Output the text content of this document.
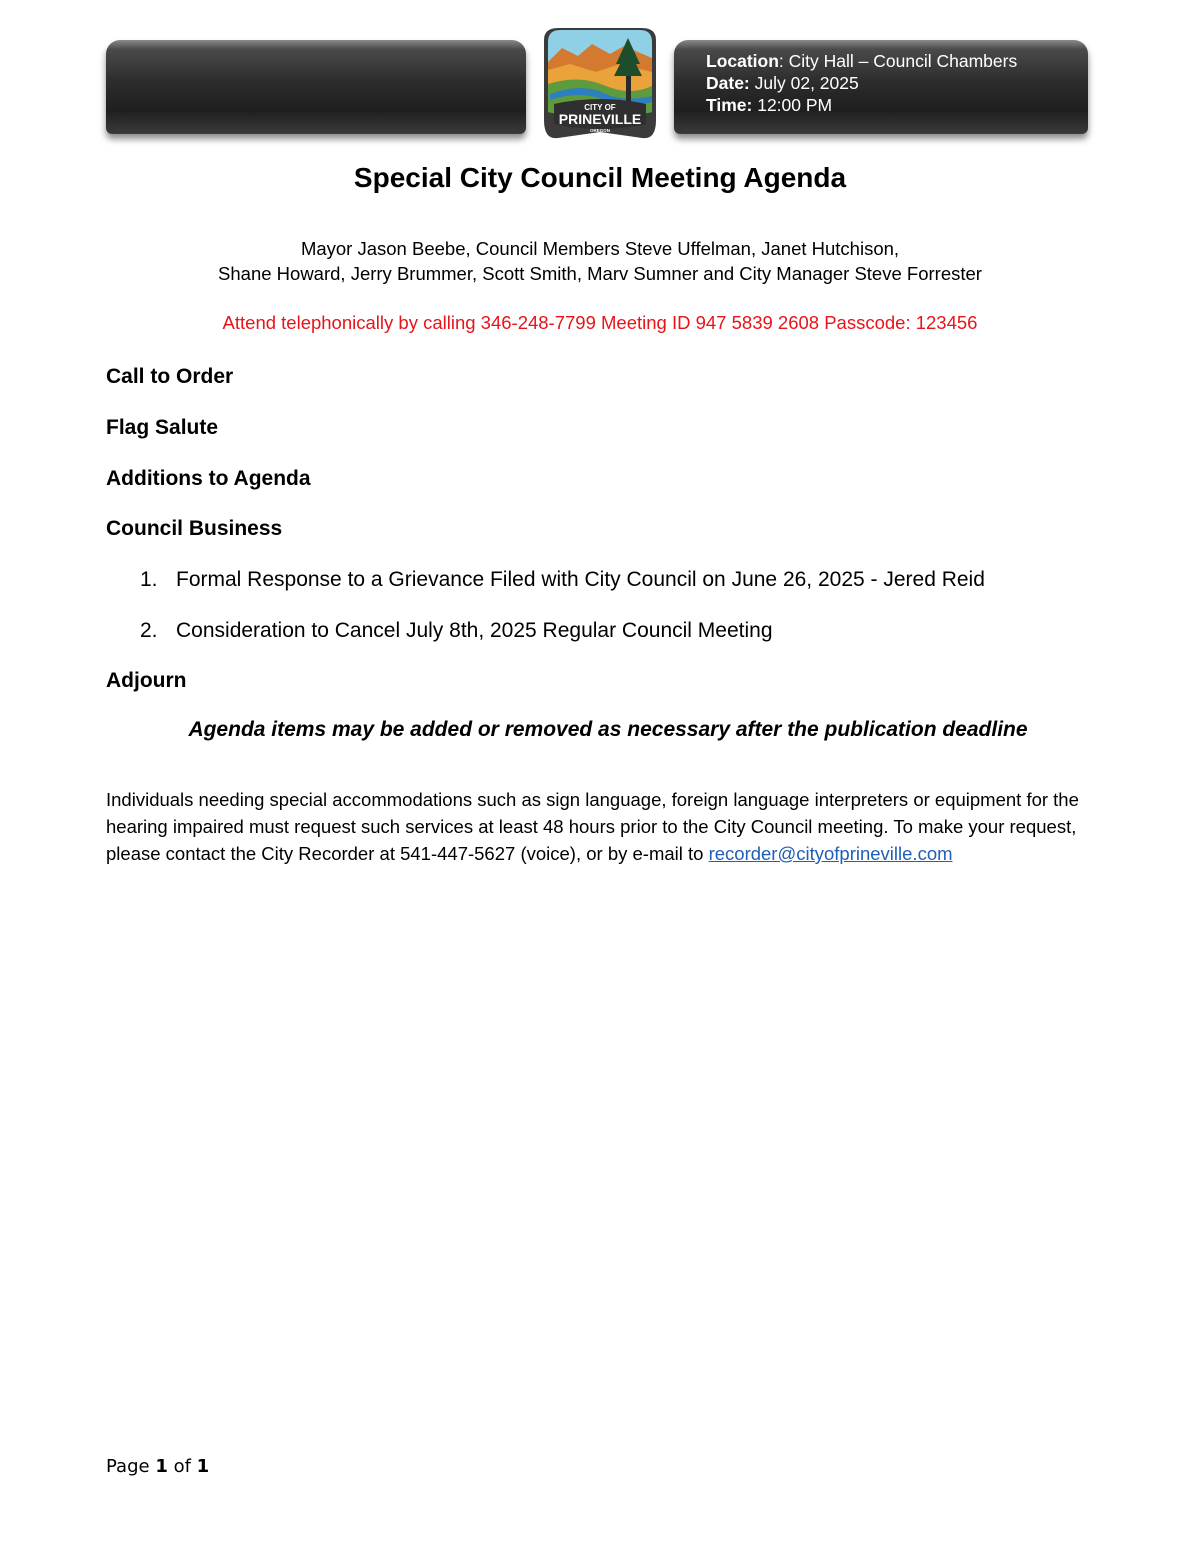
Location: City Hall – Council Chambers
Date: July 02, 2025
Time: 12:00 PM
CITY OF
PRINEVILLE
OREGON
Special City Council Meeting Agenda
Mayor Jason Beebe, Council Members Steve Uffelman, Janet Hutchison,
Shane Howard, Jerry Brummer, Scott Smith, Marv Sumner and City Manager Steve Forrester
Attend telephonically by calling 346-248-7799 Meeting ID 947 5839 2608 Passcode: 123456
Call to Order
Flag Salute
Additions to Agenda
Council Business
1. Formal Response to a Grievance Filed with City Council on June 26, 2025 - Jered Reid
2. Consideration to Cancel July 8th, 2025 Regular Council Meeting
Adjourn
Agenda items may be added or removed as necessary after the publication deadline
Individuals needing special accommodations such as sign language, foreign language interpreters or equipment for the hearing impaired must request such services at least 48 hours prior to the City Council meeting. To make your request, please contact the City Recorder at 541-447-5627 (voice), or by e-mail to recorder@cityofprineville.com
Page 1 of 1
